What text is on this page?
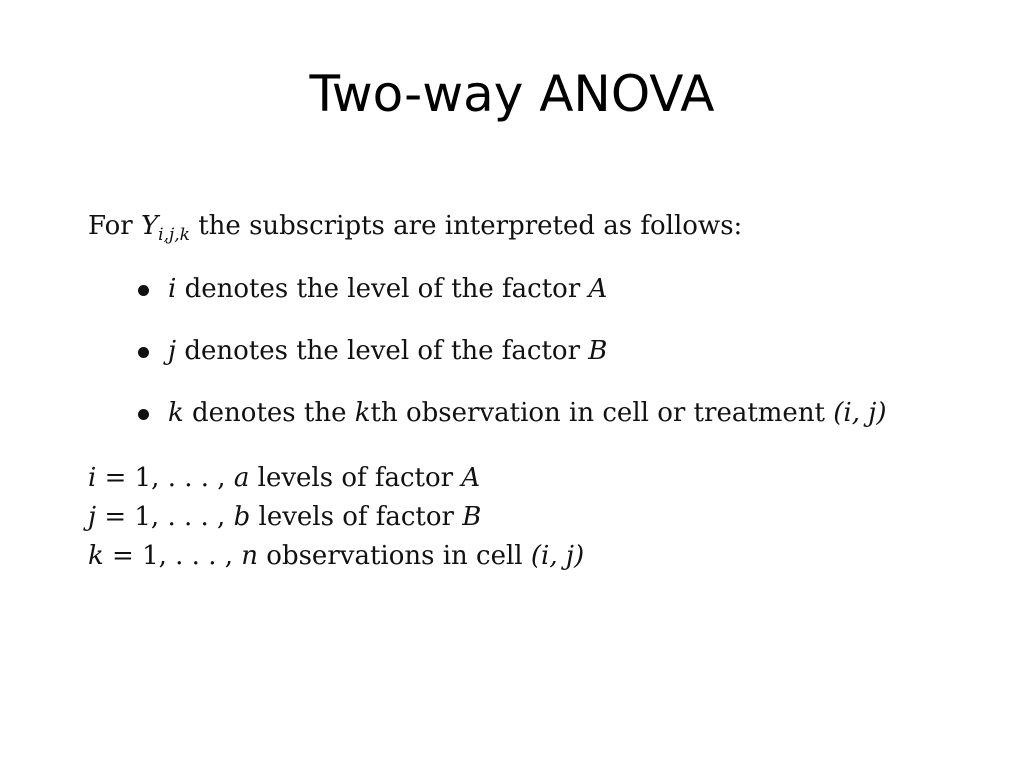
Two-way ANOVA
For $Y_{i,j,k}$ the subscripts are interpreted as follows:
i denotes the level of the factor A
j denotes the level of the factor B
k denotes the kth observation in cell or treatment (i, j)
i = 1, . . . , a levels of factor A
j = 1, . . . , b levels of factor B
k = 1, . . . , n observations in cell (i, j)
